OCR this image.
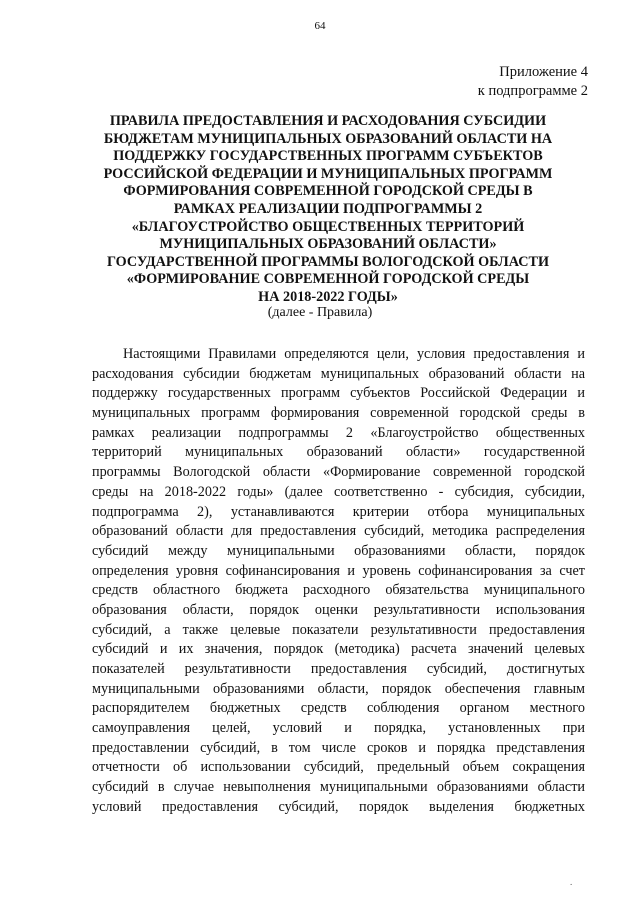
64
Приложение 4
к подпрограмме 2
ПРАВИЛА ПРЕДОСТАВЛЕНИЯ И РАСХОДОВАНИЯ СУБСИДИИ
БЮДЖЕТАМ МУНИЦИПАЛЬНЫХ ОБРАЗОВАНИЙ ОБЛАСТИ НА
ПОДДЕРЖКУ ГОСУДАРСТВЕННЫХ ПРОГРАММ СУБЪЕКТОВ
РОССИЙСКОЙ ФЕДЕРАЦИИ И МУНИЦИПАЛЬНЫХ ПРОГРАММ
ФОРМИРОВАНИЯ СОВРЕМЕННОЙ ГОРОДСКОЙ СРЕДЫ В
РАМКАХ РЕАЛИЗАЦИИ ПОДПРОГРАММЫ 2
«БЛАГОУСТРОЙСТВО ОБЩЕСТВЕННЫХ ТЕРРИТОРИЙ
МУНИЦИПАЛЬНЫХ ОБРАЗОВАНИЙ ОБЛАСТИ»
ГОСУДАРСТВЕННОЙ ПРОГРАММЫ ВОЛОГОДСКОЙ ОБЛАСТИ
«ФОРМИРОВАНИЕ СОВРЕМЕННОЙ ГОРОДСКОЙ СРЕДЫ
НА 2018-2022 ГОДЫ»
(далее - Правила)
Настоящими Правилами определяются цели, условия предоставления и
расходования субсидии бюджетам муниципальных образований области на
поддержку государственных программ субъектов Российской Федерации и
муниципальных программ формирования современной городской среды в
рамках реализации подпрограммы 2 «Благоустройство общественных
территорий муниципальных образований области» государственной
программы Вологодской области «Формирование современной городской
среды на 2018-2022 годы» (далее соответственно - субсидия, субсидии,
подпрограмма 2), устанавливаются критерии отбора муниципальных
образований области для предоставления субсидий, методика распределения
субсидий между муниципальными образованиями области, порядок
определения уровня софинансирования и уровень софинансирования за счет
средств областного бюджета расходного обязательства муниципального
образования области, порядок оценки результативности использования
субсидий, а также целевые показатели результативности предоставления
субсидий и их значения, порядок (методика) расчета значений целевых
показателей результативности предоставления субсидий, достигнутых
муниципальными образованиями области, порядок обеспечения главным
распорядителем бюджетных средств соблюдения органом местного
самоуправления целей, условий и порядка, установленных при
предоставлении субсидий, в том числе сроков и порядка представления
отчетности об использовании субсидий, предельный объем сокращения
субсидий в случае невыполнения муниципальными образованиями области
условий предоставления субсидий, порядок выделения бюджетных
.
